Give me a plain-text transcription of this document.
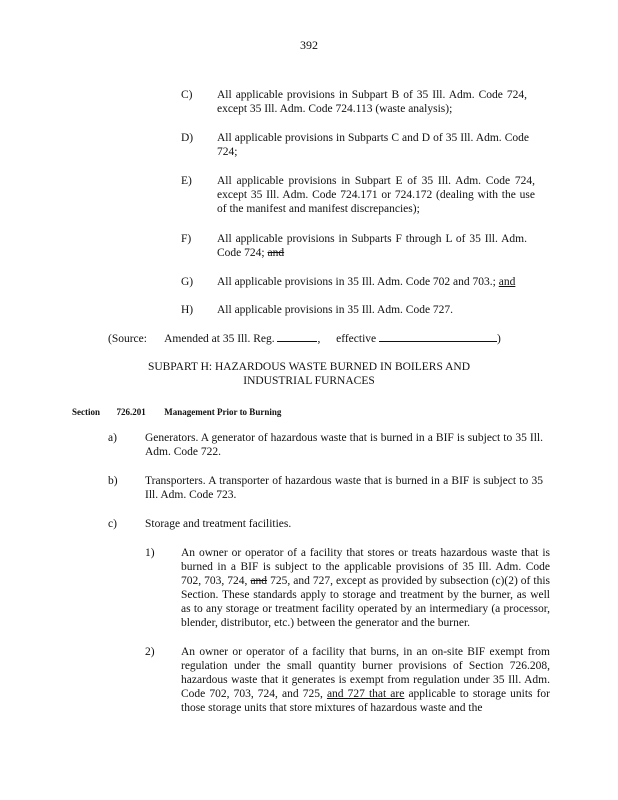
392
C) All applicable provisions in Subpart B of 35 Ill. Adm. Code 724, except 35 Ill. Adm. Code 724.113 (waste analysis);
D) All applicable provisions in Subparts C and D of 35 Ill. Adm. Code 724;
E) All applicable provisions in Subpart E of 35 Ill. Adm. Code 724, except 35 Ill. Adm. Code 724.171 or 724.172 (dealing with the use of the manifest and manifest discrepancies);
F) All applicable provisions in Subparts F through L of 35 Ill. Adm. Code 724; and
G) All applicable provisions in 35 Ill. Adm. Code 702 and 703.; and
H) All applicable provisions in 35 Ill. Adm. Code 727.
(Source: Amended at 35 Ill. Reg.	, effective	)
SUBPART H: HAZARDOUS WASTE BURNED IN BOILERS AND
INDUSTRIAL FURNACES
Section 726.201 Management Prior to Burning
a) Generators. A generator of hazardous waste that is burned in a BIF is subject to 35 Ill. Adm. Code 722.
b) Transporters. A transporter of hazardous waste that is burned in a BIF is subject to 35 Ill. Adm. Code 723.
c) Storage and treatment facilities.
1) An owner or operator of a facility that stores or treats hazardous waste that is burned in a BIF is subject to the applicable provisions of 35 Ill. Adm. Code 702, 703, 724, and 725, and 727, except as provided by subsection (c)(2) of this Section. These standards apply to storage and treatment by the burner, as well as to any storage or treatment facility operated by an intermediary (a processor, blender, distributor, etc.) between the generator and the burner.
2) An owner or operator of a facility that burns, in an on-site BIF exempt from regulation under the small quantity burner provisions of Section 726.208, hazardous waste that it generates is exempt from regulation under 35 Ill. Adm. Code 702, 703, 724, and 725, and 727 that are applicable to storage units for those storage units that store mixtures of hazardous waste and the
